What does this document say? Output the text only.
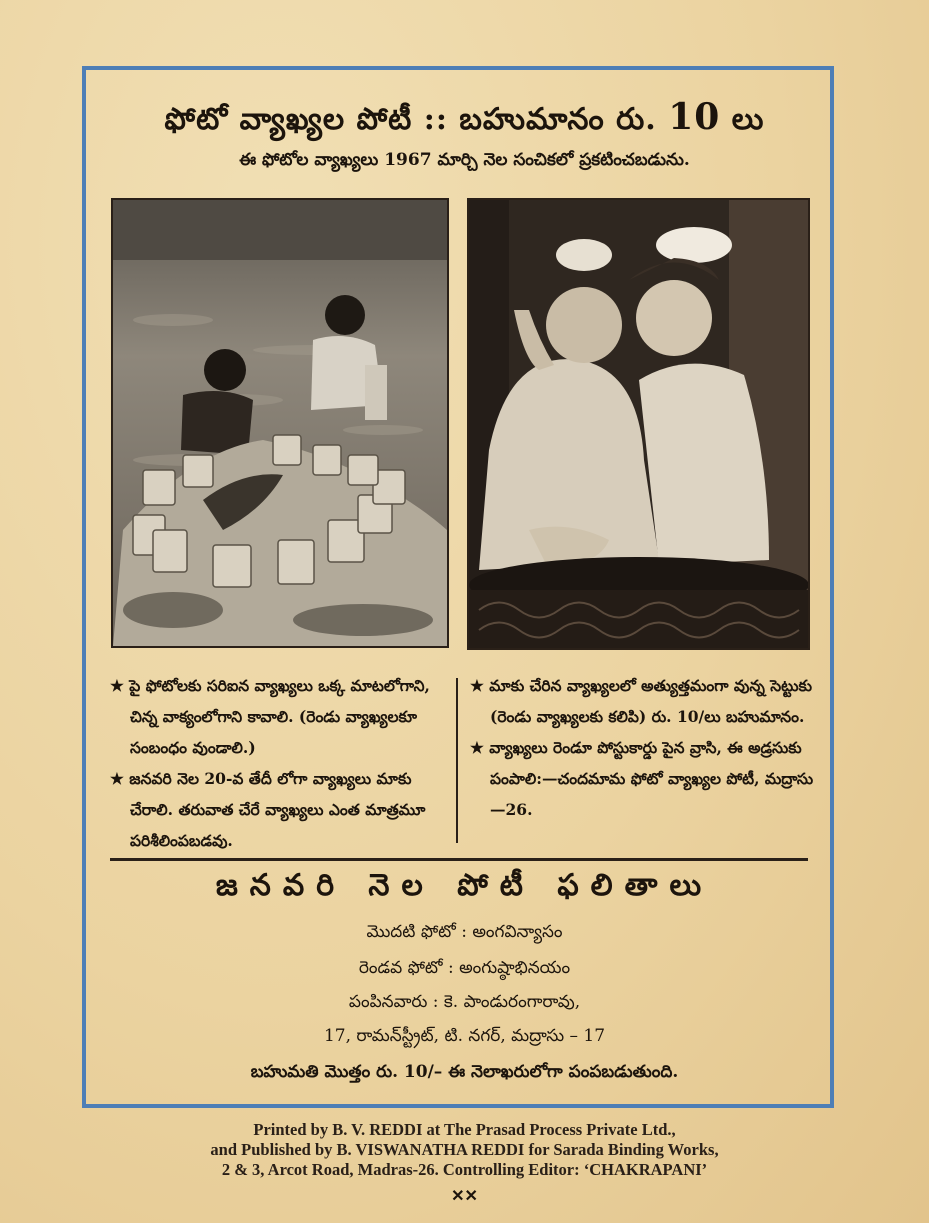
ఫోటో వ్యాఖ్యల పోటీ :: బహుమానం రు. 10 లు
ఈ ఫోటోల వ్యాఖ్యలు 1967 మార్చి నెల సంచికలో ప్రకటించబడును.

★ పై ఫోటోలకు సరిఐన వ్యాఖ్యలు ఒక్క మాటలోగాని, చిన్న వాక్యంలోగాని కావాలి. (రెండు వ్యాఖ్యలకూ సంబంధం వుండాలి.)

★ జనవరి నెల 20-వ తేదీ లోగా వ్యాఖ్యలు మాకు చేరాలి. తరువాత చేరే వ్యాఖ్యలు ఎంత మాత్రమూ పరిశీలింపబడవు.

★ మాకు చేరిన వ్యాఖ్యలలో అత్యుత్తమంగా వున్న సెట్టుకు (రెండు వ్యాఖ్యలకు కలిపి) రు. 10/లు బహుమానం.

★ వ్యాఖ్యలు రెండూ పోస్టుకార్డు పైన వ్రాసి, ఈ అడ్రసుకు పంపాలి:—చందమామ ఫోటో వ్యాఖ్యల పోటీ, మద్రాసు—26.

జనవరి నెల పోటీ ఫలితాలు
మొదటి ఫోటో : అంగవిన్యాసం
రెండవ ఫోటో : అంగుష్ఠాభినయం
పంపినవారు : కె. పాండురంగారావు,
17, రామన్‌స్ట్రీట్, టి. నగర్, మద్రాసు – 17
బహుమతి మొత్తం రు. 10/– ఈ నెలాఖరులోగా పంపబడుతుంది.
Printed by B. V. REDDI at The Prasad Process Private Ltd.,
and Published by B. VISWANATHA REDDI for Sarada Binding Works,
2 & 3, Arcot Road, Madras-26. Controlling Editor: ‘CHAKRAPANI’
✕✕
